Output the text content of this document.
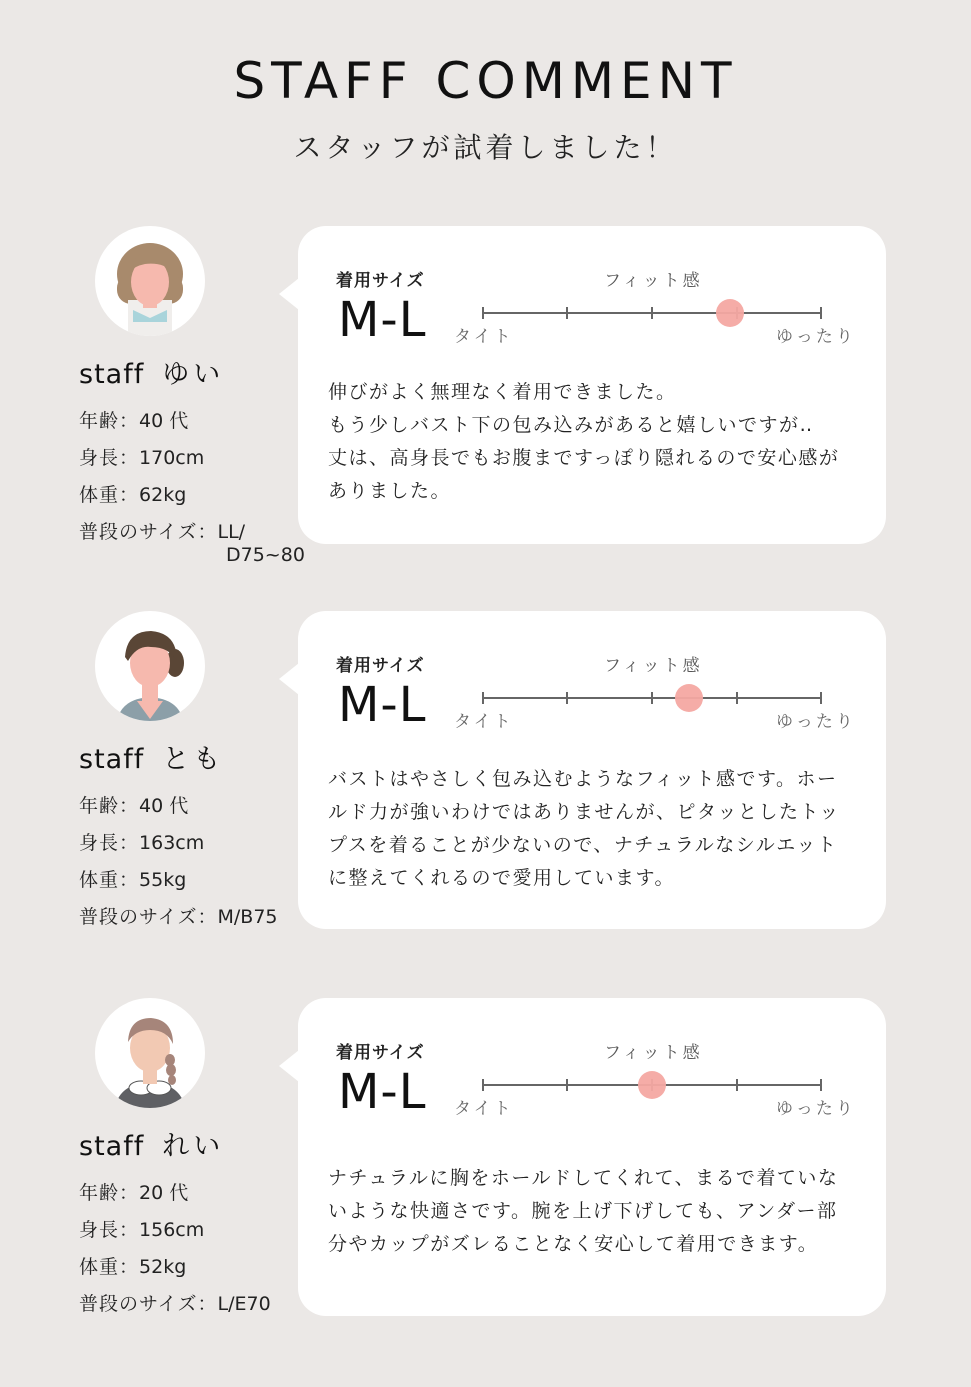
STAFF COMMENT
スタッフが試着しました！
staff ゆい
年齢：40 代
身長：170cm
体重：62kg
普段のサイズ：LL/
D75~80
着用サイズ
M-L
フィット感
タイト	ゆったり
伸びがよく無理なく着用できました。
もう少しバスト下の包み込みがあると嬉しいですが‥
丈は、高身長でもお腹まですっぽり隠れるので安心感が
ありました。
staff とも
年齢：40 代
身長：163cm
体重：55kg
普段のサイズ：M/B75
着用サイズ
M-L
フィット感
タイト	ゆったり
バストはやさしく包み込むようなフィット感です。ホー
ルド力が強いわけではありませんが、ピタッとしたトッ
プスを着ることが少ないので、ナチュラルなシルエット
に整えてくれるので愛用しています。
staff れい
年齢：20 代
身長：156cm
体重：52kg
普段のサイズ：L/E70
着用サイズ
M-L
フィット感
タイト	ゆったり
ナチュラルに胸をホールドしてくれて、まるで着ていな
いような快適さです。腕を上げ下げしても、アンダー部
分やカップがズレることなく安心して着用できます。
